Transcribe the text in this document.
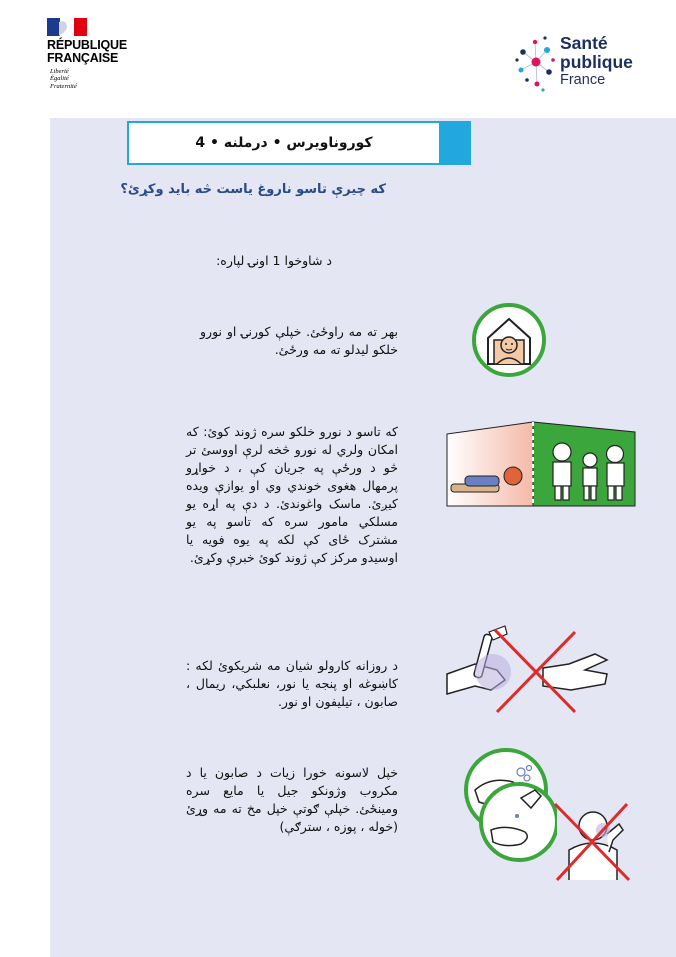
RÉPUBLIQUE
FRANÇAISE
Liberté
Égalité
Fraternité
Santé
publique
France
کوروناویرس • درملنه • 4
که چیرې تاسو ناروغ یاست څه باید وکړئ؟
د شاوخوا 1 اونۍ لپاره:
بهر ته مه راوځئ. خپلې کورنۍ او نورو خلکو لیدلو ته مه ورځئ.
که تاسو د نورو خلکو سره ژوند کوئ: که امکان ولري له نورو څخه لرې اووسئ تر څو د ورځې په جریان کې ، د خواړو پرمهال هغوی خوندي وي او یوازې ویده کیږئ. ماسک واغوندئ. د دې په اړه یو مسلکي مامور سره که تاسو په یو مشترک ځای کې لکه په یوه فویه یا اوسیدو مرکز کې ژوند کوئ خبرې وکړئ.
د روزانه کارولو شیان مه شریکوئ لکه : کاښوغه او پنجه یا نور، نعلبکي، ریمال ، صابون ، تیلیفون او نور.
خپل لاسونه خورا زیات د صابون یا د مکروب وژونکو جیل یا مایع سره ومینځئ. خپلې ګوتې خپل مخ ته مه وړئ (خوله ، پوزه ، سترګې)
